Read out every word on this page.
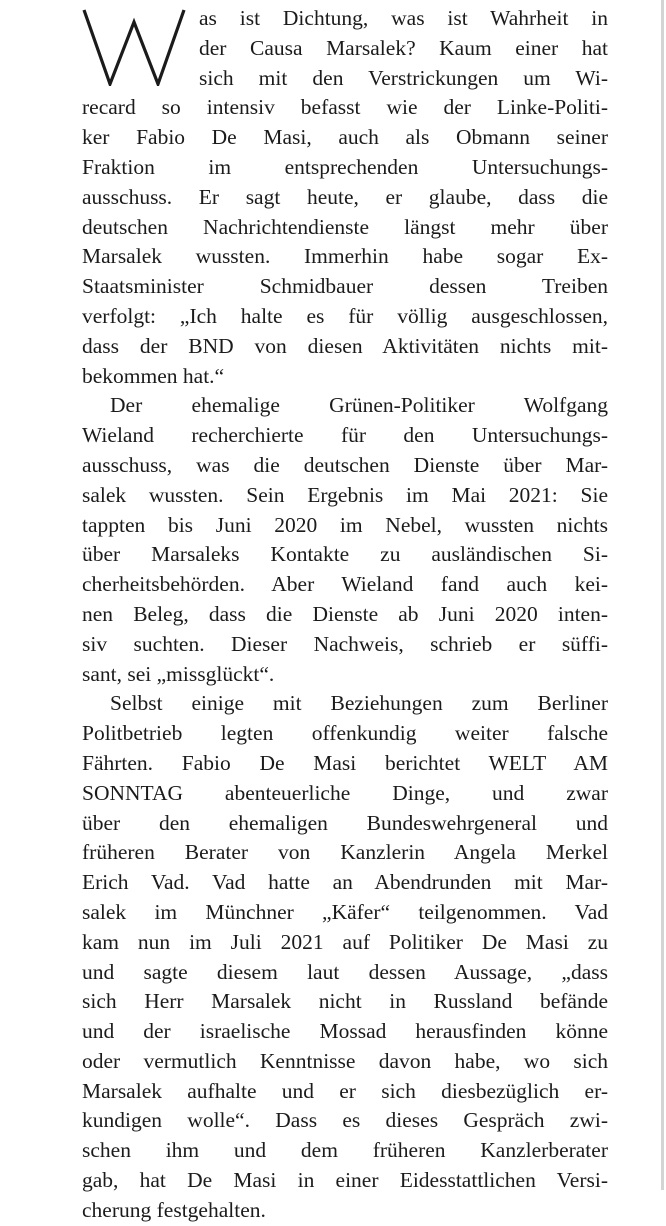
as ist Dichtung, was ist Wahrheit in
der Causa Marsalek? Kaum einer hat
sich mit den Verstrickungen um Wi-
recard so intensiv befasst wie der Linke-Politi-
ker Fabio De Masi, auch als Obmann seiner
Fraktion im entsprechenden Untersuchungs-
ausschuss. Er sagt heute, er glaube, dass die
deutschen Nachrichtendienste längst mehr über
Marsalek wussten. Immerhin habe sogar Ex-
Staatsminister Schmidbauer dessen Treiben
verfolgt: „Ich halte es für völlig ausgeschlossen,
dass der BND von diesen Aktivitäten nichts mit-
bekommen hat.“
Der ehemalige Grünen-Politiker Wolfgang
Wieland recherchierte für den Untersuchungs-
ausschuss, was die deutschen Dienste über Mar-
salek wussten. Sein Ergebnis im Mai 2021: Sie
tappten bis Juni 2020 im Nebel, wussten nichts
über Marsaleks Kontakte zu ausländischen Si-
cherheitsbehörden. Aber Wieland fand auch kei-
nen Beleg, dass die Dienste ab Juni 2020 inten-
siv suchten. Dieser Nachweis, schrieb er süffi-
sant, sei „missglückt“.
Selbst einige mit Beziehungen zum Berliner
Politbetrieb legten offenkundig weiter falsche
Fährten. Fabio De Masi berichtet WELT AM
SONNTAG abenteuerliche Dinge, und zwar
über den ehemaligen Bundeswehrgeneral und
früheren Berater von Kanzlerin Angela Merkel
Erich Vad. Vad hatte an Abendrunden mit Mar-
salek im Münchner „Käfer“ teilgenommen. Vad
kam nun im Juli 2021 auf Politiker De Masi zu
und sagte diesem laut dessen Aussage, „dass
sich Herr Marsalek nicht in Russland befände
und der israelische Mossad herausfinden könne
oder vermutlich Kenntnisse davon habe, wo sich
Marsalek aufhalte und er sich diesbezüglich er-
kundigen wolle“. Dass es dieses Gespräch zwi-
schen ihm und dem früheren Kanzlerberater
gab, hat De Masi in einer Eidesstattlichen Versi-
cherung festgehalten.
